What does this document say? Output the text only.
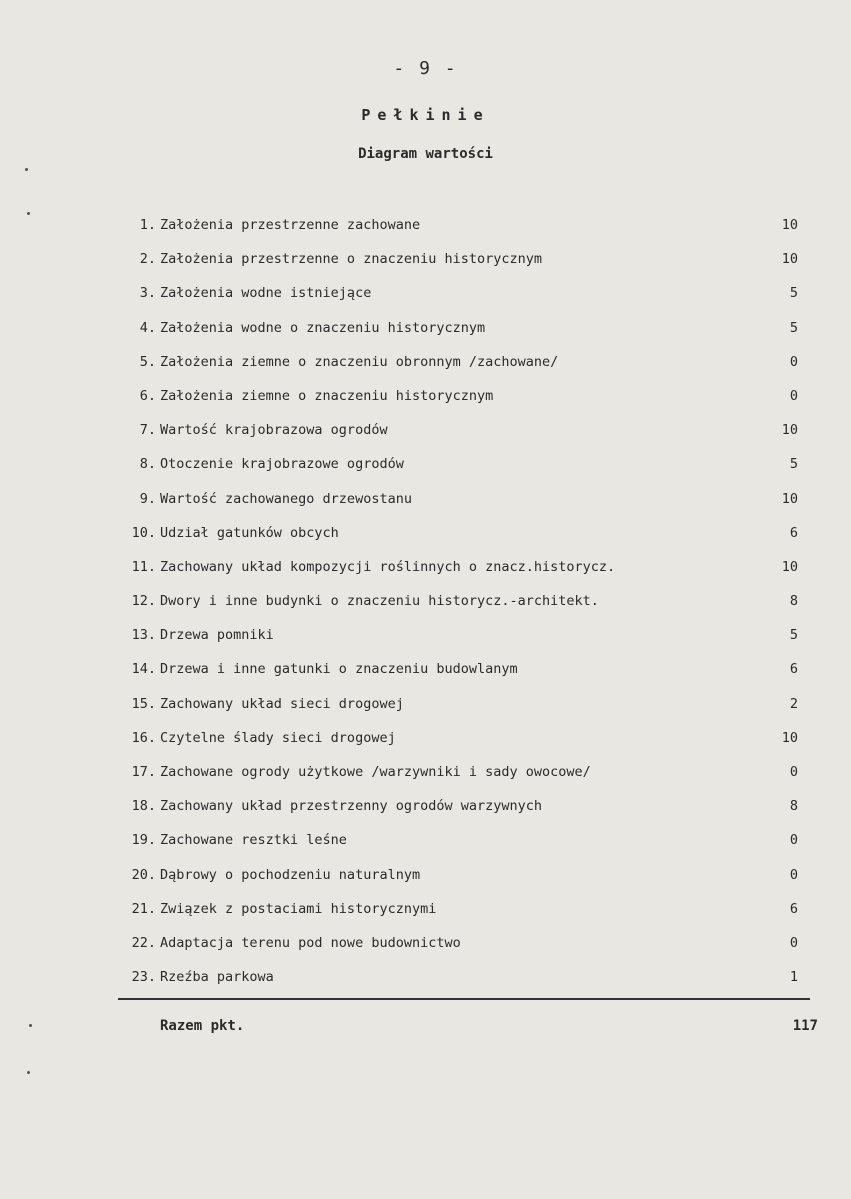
- 9 -
Pełkinie
Diagram wartości
1. Założenia przestrzenne zachowane	10
2. Założenia przestrzenne o znaczeniu historycznym	10
3. Założenia wodne istniejące	5
4. Założenia wodne o znaczeniu historycznym	5
5. Założenia ziemne o znaczeniu obronnym /zachowane/	0
6. Założenia ziemne o znaczeniu historycznym	0
7. Wartość krajobrazowa ogrodów	10
8. Otoczenie krajobrazowe ogrodów	5
9. Wartość zachowanego drzewostanu	10
10. Udział gatunków obcych	6
11. Zachowany układ kompozycji roślinnych o znacz.historycz.	10
12. Dwory i inne budynki o znaczeniu historycz.-architekt.	8
13. Drzewa pomniki	5
14. Drzewa i inne gatunki o znaczeniu budowlanym	6
15. Zachowany układ sieci drogowej	2
16. Czytelne ślady sieci drogowej	10
17. Zachowane ogrody użytkowe /warzywniki i sady owocowe/	0
18. Zachowany układ przestrzenny ogrodów warzywnych	8
19. Zachowane resztki leśne	0
20. Dąbrowy o pochodzeniu naturalnym	0
21. Związek z postaciami historycznymi	6
22. Adaptacja terenu pod nowe budownictwo	0
23. Rzeźba parkowa	1
Razem pkt.	117
